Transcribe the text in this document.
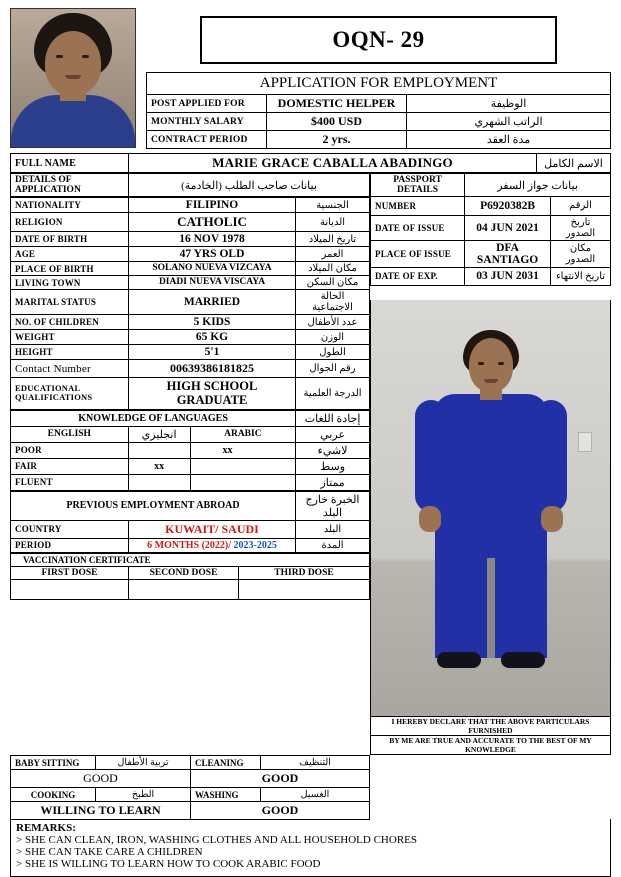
OQN- 29
APPLICATION FOR EMPLOYMENT		
POST APPLIED FOR	DOMESTIC HELPER	الوظيفة
MONTHLY SALARY	$400 USD	الراتب الشهري
CONTRACT PERIOD	2 yrs.	مدة العقد
FULL NAME	MARIE GRACE CABALLA ABADINGO	الاسم الكامل
DETAILS OF APPLICATION	بيانات صاحب الطلب (الخادمة)
NATIONALITY	FILIPINO	الجنسية
RELIGION	CATHOLIC	الديانة
DATE OF BIRTH	16 NOV 1978	تاريخ الميلاد
AGE	47 YRS OLD	العمر
PLACE OF BIRTH	SOLANO NUEVA VIZCAYA	مكان الميلاد
LIVING TOWN	DIADI NUEVA VISCAYA	مكان السكن
MARITAL STATUS	MARRIED	الحالة الاجتماعية
NO. OF CHILDREN	5 KIDS	عدد الأطفال
WEIGHT	65 KG	الوزن
HEIGHT	5'1	الطول
Contact Number	00639386181825	رقم الجوال
EDUCATIONAL QUALIFICATIONS	HIGH SCHOOL GRADUATE	الدرجة العلمية
KNOWLEDGE OF LANGUAGES			إجادة اللغات
ENGLISH	انجليزي	ARABIC	عربي
POOR		xx	لاشيء
FAIR	xx		وسط
FLUENT			ممتاز
PREVIOUS EMPLOYMENT ABROAD		الخبرة خارج البلد
COUNTRY	KUWAIT/ SAUDI	البلد
PERIOD	6 MONTHS (2022)/ 2023-2025	المدة
VACCINATION CERTIFICATE		
FIRST DOSE	SECOND DOSE	THIRD DOSE

PASSPORT DETAILS	بيانات جواز السفر	
NUMBER	P6920382B	الرقم
DATE OF ISSUE	04 JUN 2021	تاريخ الصدور
PLACE OF ISSUE	DFA SANTIAGO	مكان الصدور
DATE OF EXP.	03 JUN 2031	تاريخ الانتهاء
I HEREBY DECLARE THAT THE ABOVE PARTICULARS FURNISHED
BY ME ARE TRUE AND ACCURATE TO THE BEST OF MY KNOWLEDGE
BABY SITTING	تربية الأطفال	CLEANING	التنظيف
GOOD		GOOD	
COOKING	الطبخ	WASHING	الغسيل
WILLING TO LEARN		GOOD	
REMARKS:
> SHE CAN CLEAN, IRON, WASHING CLOTHES AND ALL HOUSEHOLD CHORES
> SHE CAN TAKE CARE A CHILDREN
> SHE IS WILLING TO LEARN HOW TO COOK ARABIC FOOD
